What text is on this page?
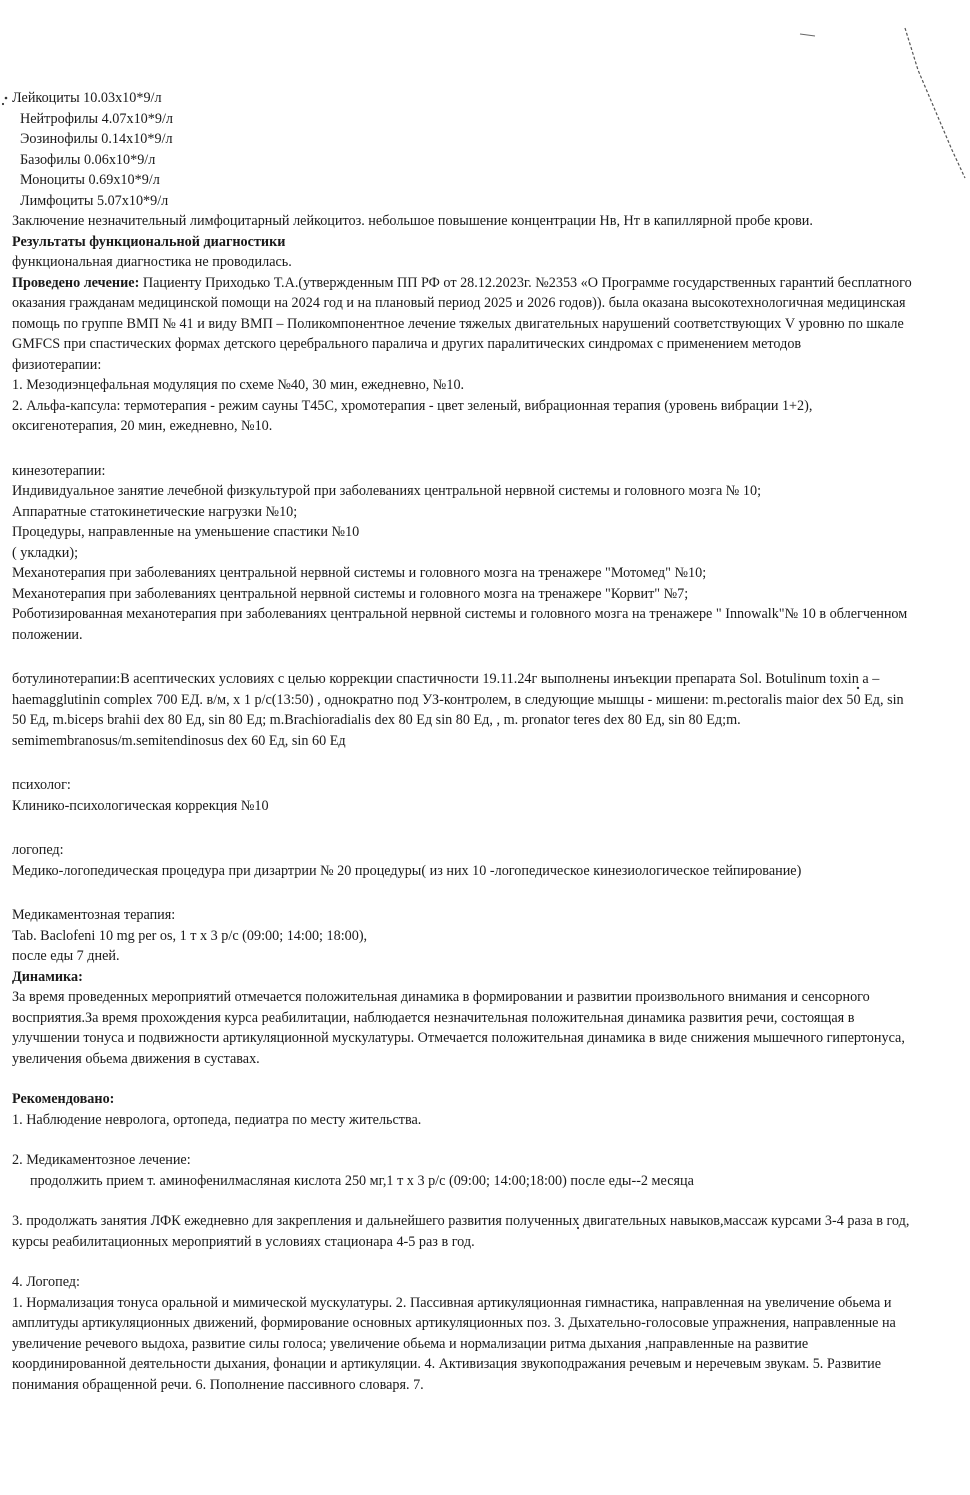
Лейкоциты 10.03х10*9/л
Нейтрофилы 4.07х10*9/л
Эозинофилы 0.14х10*9/л
Базофилы 0.06х10*9/л
Моноциты 0.69х10*9/л
Лимфоциты 5.07х10*9/л
Заключение незначительный лимфоцитарный лейкоцитоз. небольшое повышение концентрации Нв, Нт в капиллярной пробе крови.
Результаты функциональной диагностики
функциональная диагностика не проводилась.
Проведено лечение: Пациенту Приходько Т.А.(утвержденным ПП РФ от 28.12.2023г. №2353 «О Программе государственных гарантий бесплатного оказания гражданам медицинской помощи на 2024 год и на плановый период 2025 и 2026 годов)). была оказана высокотехнологичная медицинская помощь по группе ВМП № 41 и виду ВМП – Поликомпонентное лечение тяжелых двигательных нарушений соответствующих V уровню по шкале GMFCS при спастических формах детского церебрального паралича и других паралитических синдромах с применением методов
физиотерапии:
1. Мезодиэнцефальная модуляция по схеме №40, 30 мин, ежедневно, №10.
2. Альфа-капсула: термотерапия - режим сауны Т45С, хромотерапия - цвет зеленый, вибрационная терапия (уровень вибрации 1+2), оксигенотерапия, 20 мин, ежедневно, №10.
кинезотерапии:
Индивидуальное занятие лечебной физкультурой при заболеваниях центральной нервной системы и головного мозга № 10;
Аппаратные статокинетические нагрузки №10;
Процедуры, направленные на уменьшение спастики №10
( укладки);
Механотерапия при заболеваниях центральной нервной системы и головного мозга на тренажере "Мотомед" №10;
Механотерапия при заболеваниях центральной нервной системы и головного мозга на тренажере "Корвит" №7;
Роботизированная механотерапия при заболеваниях центральной нервной системы и головного мозга на тренажере " Innowalk"№ 10 в облегченном положении.
ботулинотерапии:В асептических условиях с целью коррекции спастичности 19.11.24г выполнены инъекции препарата Sol. Botulinum toxin a –haemagglutinin complex 700 ЕД. в/м, х 1 р/с(13:50) , однократно под УЗ-контролем, в следующие мышцы - мишени: m.pectoralis maior dex 50 Ед, sin 50 Ед, m.biceps brahii dex 80 Ед, sin 80 Ед; m.Brachioradialis dex 80 Ед sin 80 Ед, , m. pronator teres dex 80 Ед, sin 80 Ед;m. semimembranosus/m.semitendinosus dex 60 Ед, sin 60 Ед
психолог:
Клинико-психологическая коррекция №10
логопед:
Медико-логопедическая процедура при дизартрии № 20 процедуры( из них 10 -логопедическое кинезиологическое тейпирование)
Медикаментозная терапия:
Tab. Baclofeni 10 mg per os, 1 т х 3 р/с (09:00; 14:00; 18:00),
после еды 7 дней.
Динамика:
За время проведенных мероприятий отмечается положительная динамика в формировании и развитии произвольного внимания и сенсорного восприятия.За время прохождения курса реабилитации, наблюдается незначительная положительная динамика развития речи, состоящая в улучшении тонуса и подвижности артикуляционной мускулатуры. Отмечается положительная динамика в виде снижения мышечного гипертонуса, увеличения обьема движения в суставах.
Рекомендовано:
1. Наблюдение невролога, ортопеда, педиатра по месту жительства.
2. Медикаментозное лечение:
продолжить прием т. аминофенилмасляная кислота 250 мг,1 т х 3 р/с (09:00; 14:00;18:00) после еды--2 месяца
3. продолжать занятия ЛФК ежедневно для закрепления и дальнейшего развития полученных двигательных навыков,массаж курсами 3-4 раза в год, курсы реабилитационных мероприятий в условиях стационара 4-5 раз в год.
4. Логопед:
1. Нормализация тонуса оральной и мимической мускулатуры. 2. Пассивная артикуляционная гимнастика, направленная на увеличение обьема и амплитуды артикуляционных движений, формирование основных артикуляционных поз. 3. Дыхательно-голосовые упражнения, направленные на увеличение речевого выдоха, развитие силы голоса; увеличение обьема и нормализации ритма дыхания ,направленные на развитие координированной деятельности дыхания, фонации и артикуляции. 4. Активизация звукоподражания речевым и неречевым звукам. 5. Развитие понимания обращенной речи. 6. Пополнение пассивного словаря. 7.
